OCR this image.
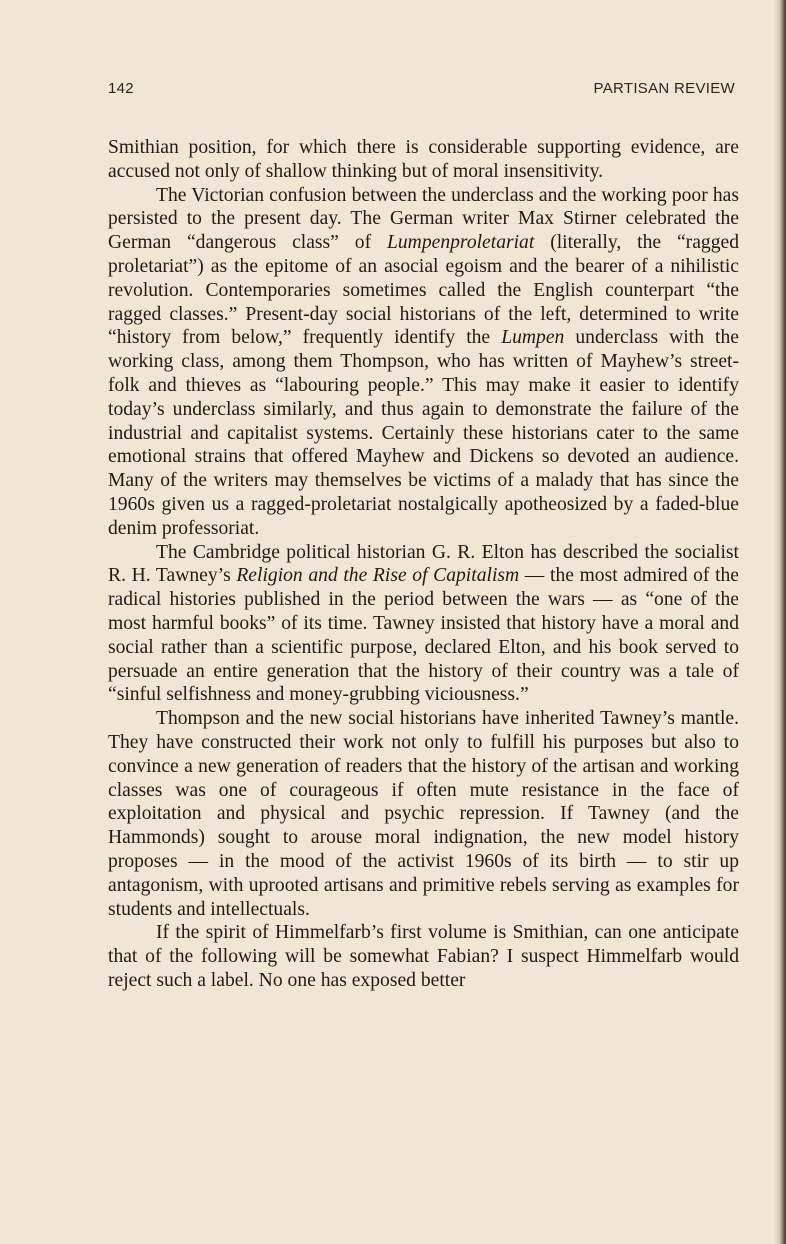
142	PARTISAN REVIEW

Smithian position, for which there is considerable supporting evidence, are accused not only of shallow thinking but of moral insensitivity.

The Victorian confusion between the underclass and the working poor has persisted to the present day. The German writer Max Stirner celebrated the German “dangerous class” of Lumpenproletariat (literally, the “ragged proletariat”) as the epitome of an asocial egoism and the bearer of a nihilistic revolution. Contemporaries sometimes called the English counterpart “the ragged classes.” Present-day social historians of the left, determined to write “history from below,” frequently identify the Lumpen underclass with the working class, among them Thompson, who has written of Mayhew’s street-folk and thieves as “labouring people.” This may make it easier to identify today’s underclass similarly, and thus again to demonstrate the failure of the industrial and capitalist systems. Certainly these historians cater to the same emotional strains that offered Mayhew and Dickens so devoted an audience. Many of the writers may themselves be victims of a malady that has since the 1960s given us a ragged-proletariat nostalgically apotheosized by a faded-blue denim professoriat.

The Cambridge political historian G. R. Elton has described the socialist R. H. Tawney’s Religion and the Rise of Capitalism — the most admired of the radical histories published in the period between the wars — as “one of the most harmful books” of its time. Tawney insisted that history have a moral and social rather than a scientific purpose, declared Elton, and his book served to persuade an entire generation that the history of their country was a tale of “sinful selfishness and money-grubbing viciousness.”

Thompson and the new social historians have inherited Tawney’s mantle. They have constructed their work not only to fulfill his purposes but also to convince a new generation of readers that the history of the artisan and working classes was one of courageous if often mute resistance in the face of exploitation and physical and psychic repression. If Tawney (and the Hammonds) sought to arouse moral indignation, the new model history proposes — in the mood of the activist 1960s of its birth — to stir up antagonism, with uprooted artisans and primitive rebels serving as examples for students and intellectuals.

If the spirit of Himmelfarb’s first volume is Smithian, can one anticipate that of the following will be somewhat Fabian? I suspect Himmelfarb would reject such a label. No one has exposed better
